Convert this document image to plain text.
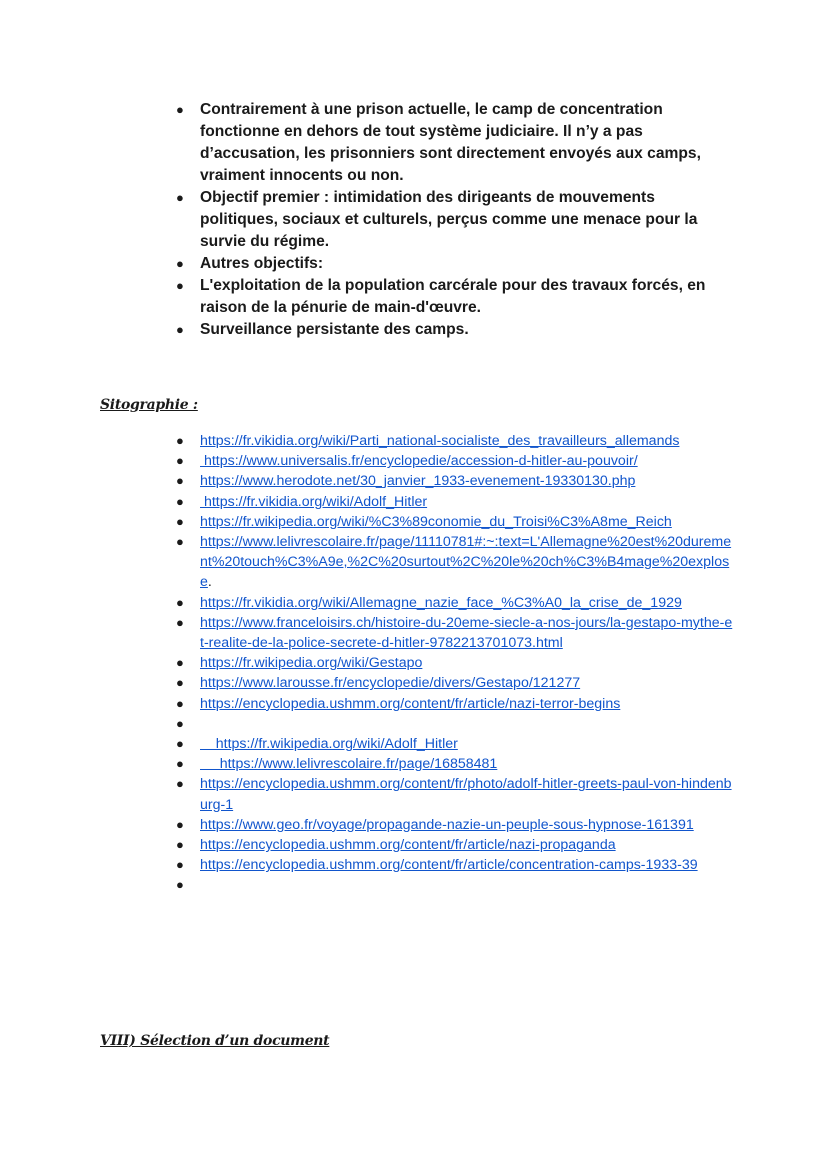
● Contrairement à une prison actuelle, le camp de concentration fonctionne en dehors de tout système judiciaire. Il n’y a pas d’accusation, les prisonniers sont directement envoyés aux camps, vraiment innocents ou non.
● Objectif premier : intimidation des dirigeants de mouvements politiques, sociaux et culturels, perçus comme une menace pour la survie du régime.
● Autres objectifs:
● L'exploitation de la population carcérale pour des travaux forcés, en raison de la pénurie de main-d'œuvre.
● Surveillance persistante des camps.
Sitographie :
● https://fr.vikidia.org/wiki/Parti_national-socialiste_des_travailleurs_allemands
● https://www.universalis.fr/encyclopedie/accession-d-hitler-au-pouvoir/
● https://www.herodote.net/30_janvier_1933-evenement-19330130.php
● https://fr.vikidia.org/wiki/Adolf_Hitler
● https://fr.wikipedia.org/wiki/%C3%89conomie_du_Troisi%C3%A8me_Reich
● https://www.lelivrescolaire.fr/page/11110781#:~:text=L'Allemagne%20est%20durement%20touch%C3%A9e,%2C%20surtout%2C%20le%20ch%C3%B4mage%20explose.
● https://fr.vikidia.org/wiki/Allemagne_nazie_face_%C3%A0_la_crise_de_1929
● https://www.franceloisirs.ch/histoire-du-20eme-siecle-a-nos-jours/la-gestapo-mythe-et-realite-de-la-police-secrete-d-hitler-9782213701073.html
● https://fr.wikipedia.org/wiki/Gestapo
● https://www.larousse.fr/encyclopedie/divers/Gestapo/121277
● https://encyclopedia.ushmm.org/content/fr/article/nazi-terror-begins
●
● https://fr.wikipedia.org/wiki/Adolf_Hitler
● https://www.lelivrescolaire.fr/page/16858481
● https://encyclopedia.ushmm.org/content/fr/photo/adolf-hitler-greets-paul-von-hindenburg-1
● https://www.geo.fr/voyage/propagande-nazie-un-peuple-sous-hypnose-161391
● https://encyclopedia.ushmm.org/content/fr/article/nazi-propaganda
● https://encyclopedia.ushmm.org/content/fr/article/concentration-camps-1933-39
●
VIII) Sélection d’un document
